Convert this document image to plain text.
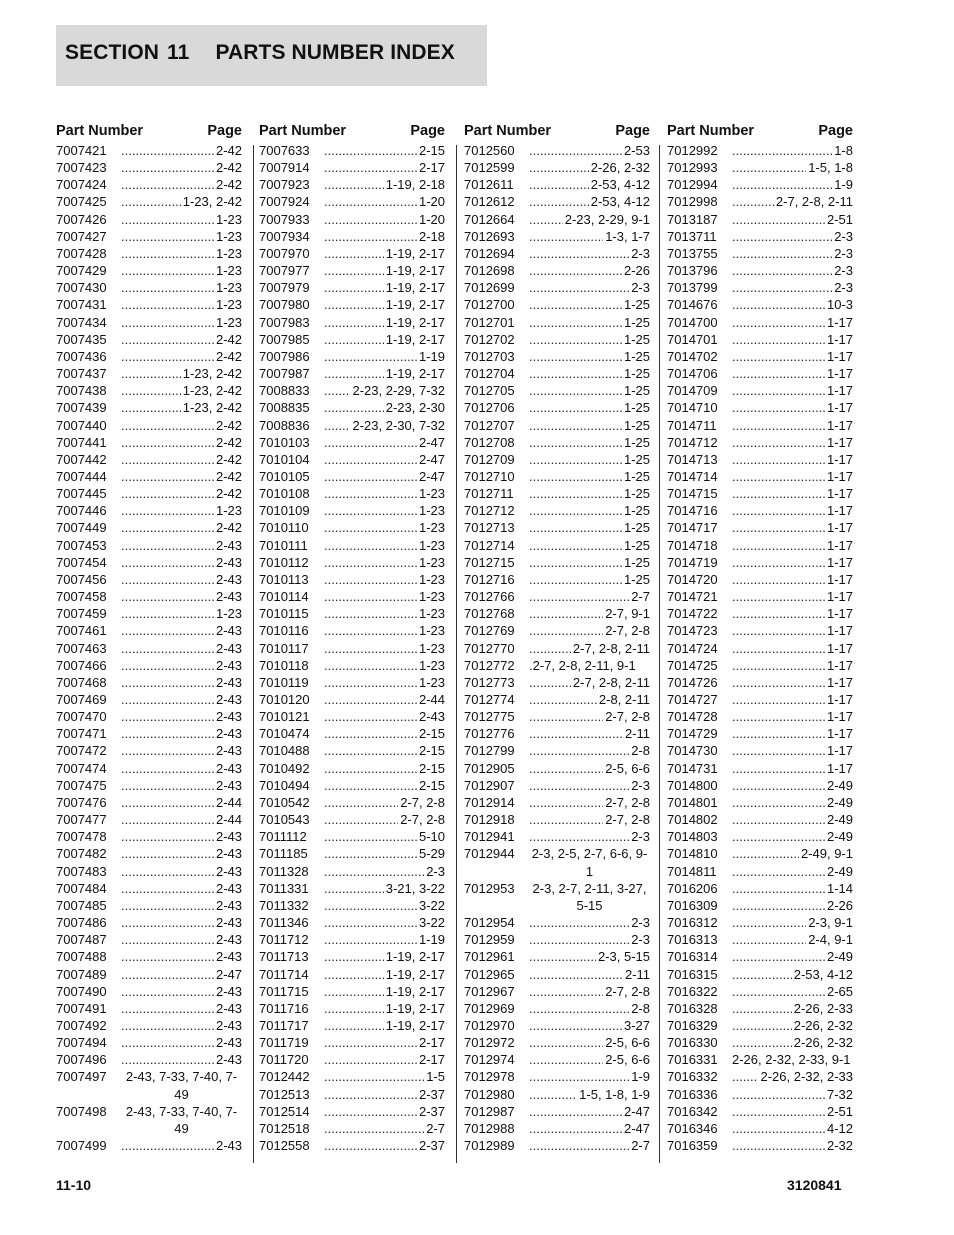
SECTION 11 PARTS NUMBER INDEX
Part Number	Page
7007421 .....	2-42
7007423 .....	2-42
7007424 .....	2-42
7007425 .....	1-23, 2-42
7007426 .....	1-23
7007427 .....	1-23
7007428 .....	1-23
7007429 .....	1-23
7007430 .....	1-23
7007431 .....	1-23
7007434 .....	1-23
7007435 .....	2-42
7007436 .....	2-42
7007437 .....	1-23, 2-42
7007438 .....	1-23, 2-42
7007439 .....	1-23, 2-42
7007440 .....	2-42
7007441 .....	2-42
7007442 .....	2-42
7007444 .....	2-42
7007445 .....	2-42
7007446 .....	1-23
7007449 .....	2-42
7007453 .....	2-43
7007454 .....	2-43
7007456 .....	2-43
7007458 .....	2-43
7007459 .....	1-23
7007461 .....	2-43
7007463 .....	2-43
7007466 .....	2-43
7007468 .....	2-43
7007469 .....	2-43
7007470 .....	2-43
7007471 .....	2-43
7007472 .....	2-43
7007474 .....	2-43
7007475 .....	2-43
7007476 .....	2-44
7007477 .....	2-44
7007478 .....	2-43
7007482 .....	2-43
7007483 .....	2-43
7007484 .....	2-43
7007485 .....	2-43
7007486 .....	2-43
7007487 .....	2-43
7007488 .....	2-43
7007489 .....	2-47
7007490 .....	2-43
7007491 .....	2-43
7007492 .....	2-43
7007494 .....	2-43
7007496 .....	2-43
7007497	2-43, 7-33, 7-40, 7-49
7007498	2-43, 7-33, 7-40, 7-49
7007499 .....	2-43
Part Number	Page
7007633 .....	2-15
7007914 .....	2-17
7007923 .....	1-19, 2-18
7007924 .....	1-20
7007933 .....	1-20
7007934 .....	2-18
7007970 .....	1-19, 2-17
7007977 .....	1-19, 2-17
7007979 .....	1-19, 2-17
7007980 .....	1-19, 2-17
7007983 .....	1-19, 2-17
7007985 .....	1-19, 2-17
7007986 .....	1-19
7007987 .....	1-19, 2-17
7008833 .....	2-23, 2-29, 7-32
7008835 .....	2-23, 2-30
7008836 .....	2-23, 2-30, 7-32
7010103 .....	2-47
7010104 .....	2-47
7010105 .....	2-47
7010108 .....	1-23
7010109 .....	1-23
7010110 .....	1-23
7010111 .....	1-23
7010112 .....	1-23
7010113 .....	1-23
7010114 .....	1-23
7010115 .....	1-23
7010116 .....	1-23
7010117 .....	1-23
7010118 .....	1-23
7010119 .....	1-23
7010120 .....	2-44
7010121 .....	2-43
7010474 .....	2-15
7010488 .....	2-15
7010492 .....	2-15
7010494 .....	2-15
7010542 .....	2-7, 2-8
7010543 .....	2-7, 2-8
7011112 .....	5-10
7011185 .....	5-29
7011328 .....	2-3
7011331 .....	3-21, 3-22
7011332 .....	3-22
7011346 .....	3-22
7011712 .....	1-19
7011713 .....	1-19, 2-17
7011714 .....	1-19, 2-17
7011715 .....	1-19, 2-17
7011716 .....	1-19, 2-17
7011717 .....	1-19, 2-17
7011719 .....	2-17
7011720 .....	2-17
7012442 .....	1-5
7012513 .....	2-37
7012514 .....	2-37
7012518 .....	2-7
7012558 .....	2-37
Part Number	Page
7012560 .....	2-53
7012599 .....	2-26, 2-32
7012611 .....	2-53, 4-12
7012612 .....	2-53, 4-12
7012664 .....	2-23, 2-29, 9-1
7012693 .....	1-3, 1-7
7012694 .....	2-3
7012698 .....	2-26
7012699 .....	2-3
7012700 .....	1-25
7012701 .....	1-25
7012702 .....	1-25
7012703 .....	1-25
7012704 .....	1-25
7012705 .....	1-25
7012706 .....	1-25
7012707 .....	1-25
7012708 .....	1-25
7012709 .....	1-25
7012710 .....	1-25
7012711 .....	1-25
7012712 .....	1-25
7012713 .....	1-25
7012714 .....	1-25
7012715 .....	1-25
7012716 .....	1-25
7012766 .....	2-7
7012768 .....	2-7, 9-1
7012769 .....	2-7, 2-8
7012770 .....	2-7, 2-8, 2-11
7012772	. 2-7, 2-8, 2-11, 9-1
7012773 .....	2-7, 2-8, 2-11
7012774 .....	2-8, 2-11
7012775 .....	2-7, 2-8
7012776 .....	2-11
7012799 .....	2-8
7012905 .....	2-5, 6-6
7012907 .....	2-3
7012914 .....	2-7, 2-8
7012918 .....	2-7, 2-8
7012941 .....	2-3
7012944	2-3, 2-5, 2-7, 6-6, 9-1
7012953	2-3, 2-7, 2-11, 3-27, 5-15
7012954 .....	2-3
7012959 .....	2-3
7012961 .....	2-3, 5-15
7012965 .....	2-11
7012967 .....	2-7, 2-8
7012969 .....	2-8
7012970 .....	3-27
7012972 .....	2-5, 6-6
7012974 .....	2-5, 6-6
7012978 .....	1-9
7012980 .....	1-5, 1-8, 1-9
7012987 .....	2-47
7012988 .....	2-47
7012989 .....	2-7
Part Number	Page
7012992 .....	1-8
7012993 .....	1-5, 1-8
7012994 .....	1-9
7012998 .....	2-7, 2-8, 2-11
7013187 .....	2-51
7013711 .....	2-3
7013755 .....	2-3
7013796 .....	2-3
7013799 .....	2-3
7014676 .....	10-3
7014700 .....	1-17
7014701 .....	1-17
7014702 .....	1-17
7014706 .....	1-17
7014709 .....	1-17
7014710 .....	1-17
7014711 .....	1-17
7014712 .....	1-17
7014713 .....	1-17
7014714 .....	1-17
7014715 .....	1-17
7014716 .....	1-17
7014717 .....	1-17
7014718 .....	1-17
7014719 .....	1-17
7014720 .....	1-17
7014721 .....	1-17
7014722 .....	1-17
7014723 .....	1-17
7014724 .....	1-17
7014725 .....	1-17
7014726 .....	1-17
7014727 .....	1-17
7014728 .....	1-17
7014729 .....	1-17
7014730 .....	1-17
7014731 .....	1-17
7014800 .....	2-49
7014801 .....	2-49
7014802 .....	2-49
7014803 .....	2-49
7014810 .....	2-49, 9-1
7014811 .....	2-49
7016206 .....	1-14
7016309 .....	2-26
7016312 .....	2-3, 9-1
7016313 .....	2-4, 9-1
7016314 .....	2-49
7016315 .....	2-53, 4-12
7016322 .....	2-65
7016328 .....	2-26, 2-33
7016329 .....	2-26, 2-32
7016330 .....	2-26, 2-32
7016331	2-26, 2-32, 2-33, 9-1
7016332 .....	2-26, 2-32, 2-33
7016336 .....	7-32
7016342 .....	2-51
7016346 .....	4-12
7016359 .....	2-32
11-10	3120841
